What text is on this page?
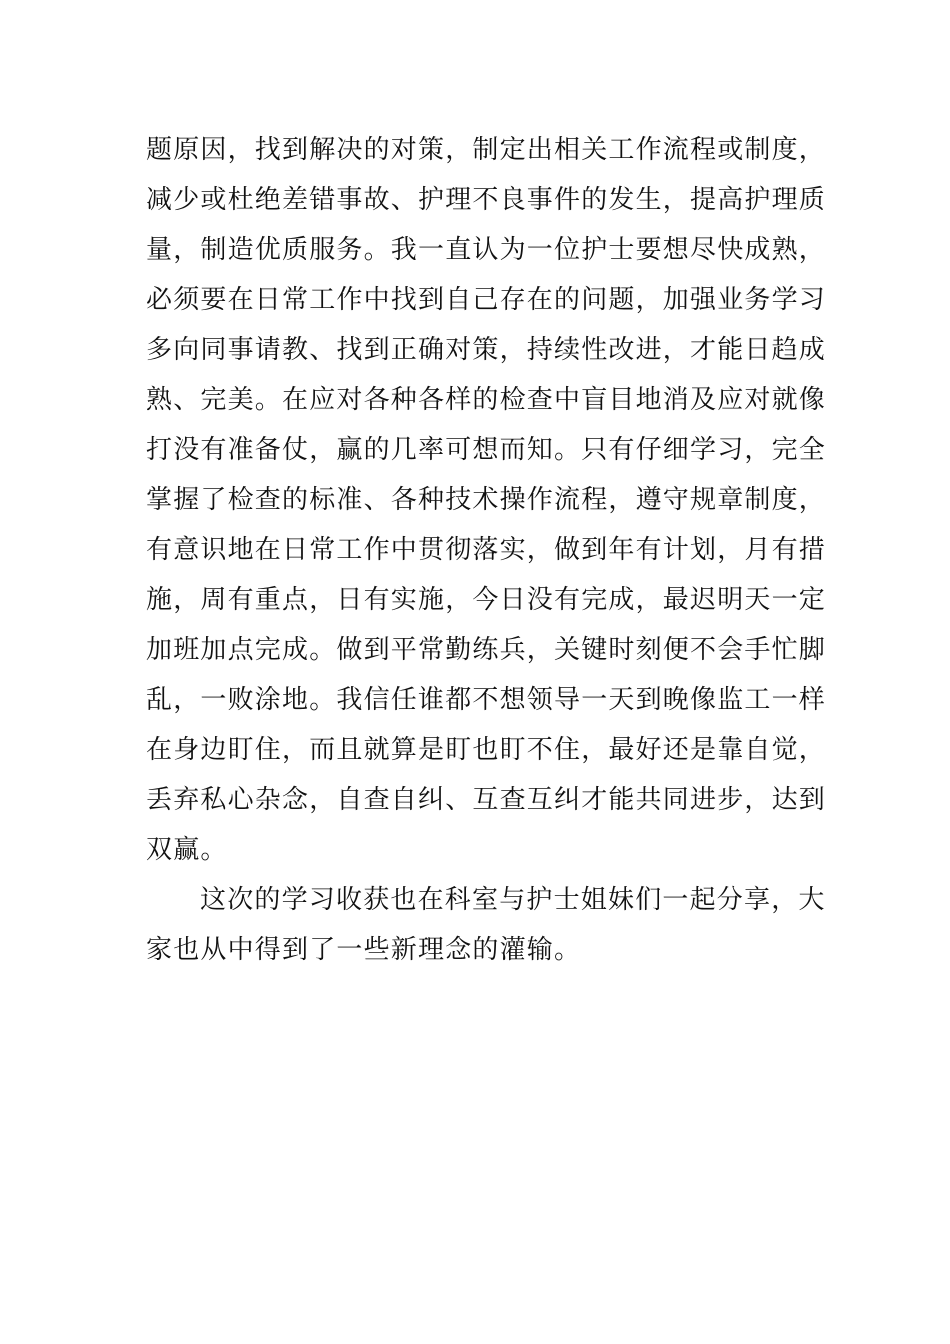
题原因，找到解决的对策，制定出相关工作流程或制度，
减少或杜绝差错事故、护理不良事件的发生，提高护理质
量，制造优质服务。我一直认为一位护士要想尽快成熟，
必须要在日常工作中找到自己存在的问题，加强业务学习
多向同事请教、找到正确对策，持续性改进，才能日趋成
熟、完美。在应对各种各样的检查中盲目地消及应对就像
打没有准备仗，赢的几率可想而知。只有仔细学习，完全
掌握了检查的标准、各种技术操作流程，遵守规章制度，
有意识地在日常工作中贯彻落实，做到年有计划，月有措
施，周有重点，日有实施，今日没有完成，最迟明天一定
加班加点完成。做到平常勤练兵，关键时刻便不会手忙脚
乱，一败涂地。我信任谁都不想领导一天到晚像监工一样
在身边盯住，而且就算是盯也盯不住，最好还是靠自觉，
丢弃私心杂念，自查自纠、互查互纠才能共同进步，达到
双赢。
这次的学习收获也在科室与护士姐妹们一起分享，大
家也从中得到了一些新理念的灌输。
